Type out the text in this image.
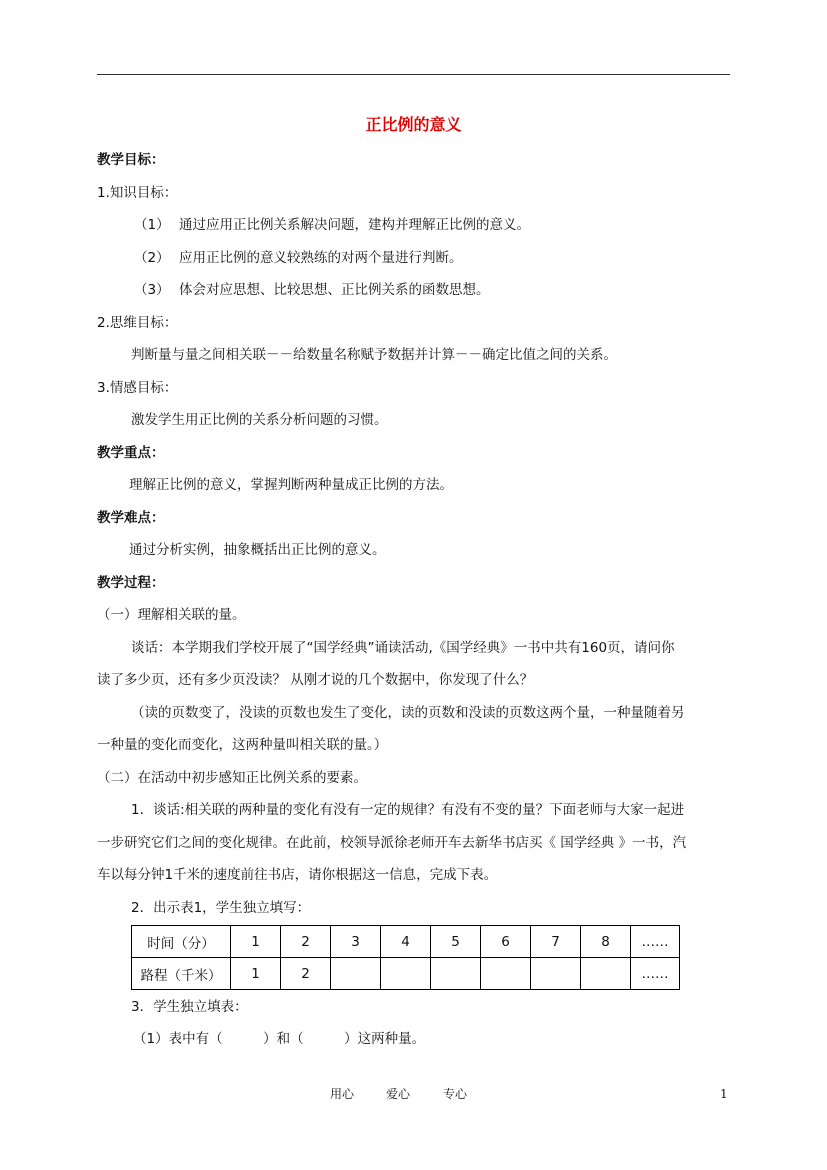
正比例的意义
教学目标：
1.知识目标：
（1） 通过应用正比例关系解决问题，建构并理解正比例的意义。
（2） 应用正比例的意义较熟练的对两个量进行判断。
（3） 体会对应思想、比较思想、正比例关系的函数思想。
2.思维目标：
判断量与量之间相关联－－给数量名称赋予数据并计算－－确定比值之间的关系。
3.情感目标：
激发学生用正比例的关系分析问题的习惯。
教学重点：
理解正比例的意义，掌握判断两种量成正比例的方法。
教学难点：
通过分析实例，抽象概括出正比例的意义。
教学过程：
（一）理解相关联的量。
谈话：本学期我们学校开展了“国学经典”诵读活动,《国学经典》一书中共有160页，请问你
读了多少页，还有多少页没读？ 从刚才说的几个数据中，你发现了什么？
（读的页数变了，没读的页数也发生了变化，读的页数和没读的页数这两个量，一种量随着另
一种量的变化而变化，这两种量叫相关联的量。）
（二）在活动中初步感知正比例关系的要素。
1．谈话:相关联的两种量的变化有没有一定的规律？有没有不变的量？下面老师与大家一起进
一步研究它们之间的变化规律。在此前，校领导派徐老师开车去新华书店买《 国学经典 》一书，汽
车以每分钟1千米的速度前往书店，请你根据这一信息，完成下表。
2．出示表1，学生独立填写：
时间（分）	1	2	3	4	5	6	7	8	……
路程（千米）	1	2							……
3．学生独立填表：
（1）表中有（　　　）和（　　　）这两种量。
用心	爱心	专心	1
